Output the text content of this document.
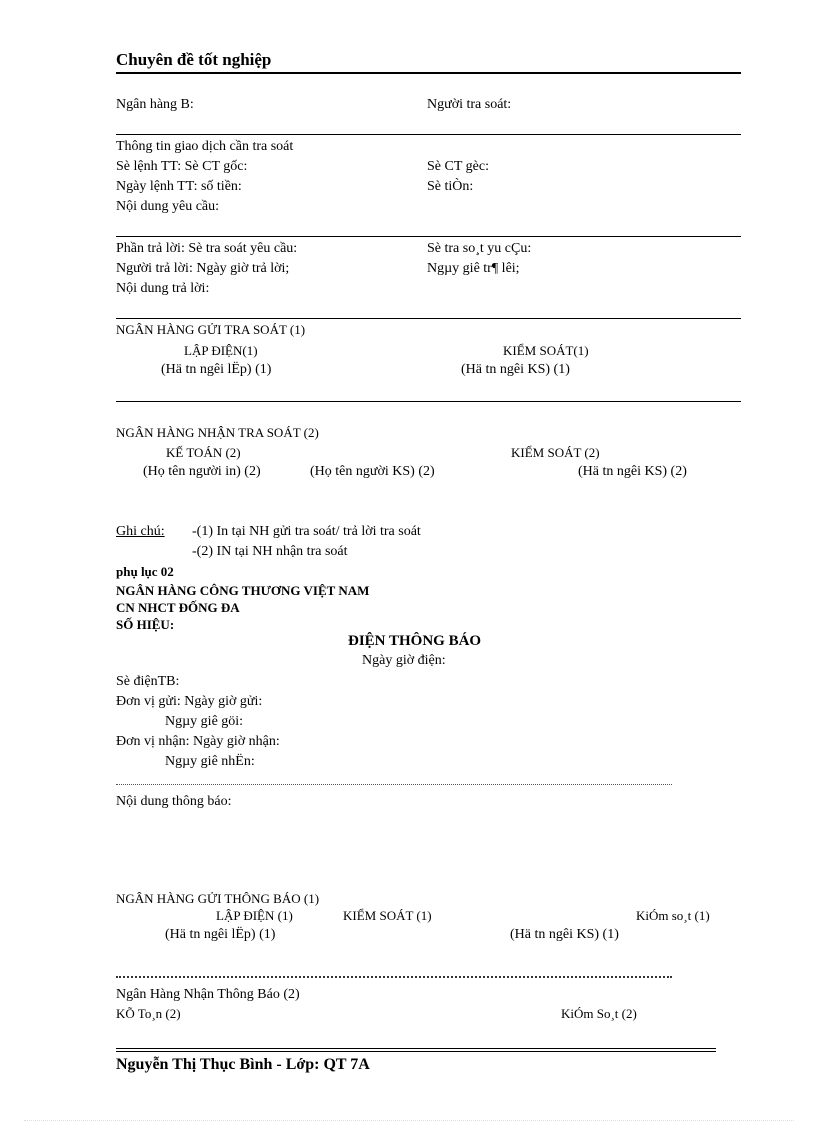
Chuyên đề tốt nghiệp
Ngân hàng B:	Người tra soát:
Thông tin giao dịch cần tra soát
Sè lệnh TT: Sè CT gốc:	Sè CT gèc:
Ngày lệnh TT: số tiền:	Sè tiÒn:
Nội dung yêu cầu:
Phần trả lời: Sè tra soát yêu cầu:	Sè tra so¸t yu cÇu:
Người trả lời: Ngày giờ trả lời;	Ngµy giê tr¶ lêi;
Nội dung trả lời:
NGÂN HÀNG GỬI TRA SOÁT (1)
LẬP ĐIỆN(1)	KIỂM SOÁT(1)
(Hä tn ngêi lËp) (1)	(Hä tn ngêi KS) (1)
NGÂN HÀNG NHẬN TRA SOÁT (2)
KẾ TOÁN (2)	KIỂM SOÁT (2)
(Họ tên người in) (2)	(Họ tên người KS) (2)	(Hä tn ngêi KS) (2)
Ghi chú: -(1) In tại NH gửi tra soát/ trả lời tra soát
-(2) IN tại NH nhận tra soát
phụ lục 02
NGÂN HÀNG CÔNG THƯƠNG VIỆT NAM
CN NHCT ĐỐNG ĐA
SỐ HIỆU:
ĐIỆN THÔNG BÁO
Ngày giờ điện:
Sè điệnTB:
Đơn vị gửi: Ngày giờ gửi:
Ngµy giê göi:
Đơn vị nhận: Ngày giờ nhận:
Ngµy giê nhËn:
Nội dung thông báo:
NGÂN HÀNG GỬI THÔNG BÁO (1)
LẬP ĐIỆN (1)	KIỂM SOÁT (1)	KiÓm so¸t (1)
(Hä tn ngêi lËp) (1)	(Hä tn ngêi KS) (1)
Ngân Hàng Nhận Thông Báo (2)
KÕ To¸n (2)	KiÓm So¸t (2)
Nguyễn Thị Thục Bình - Lớp: QT 7A
